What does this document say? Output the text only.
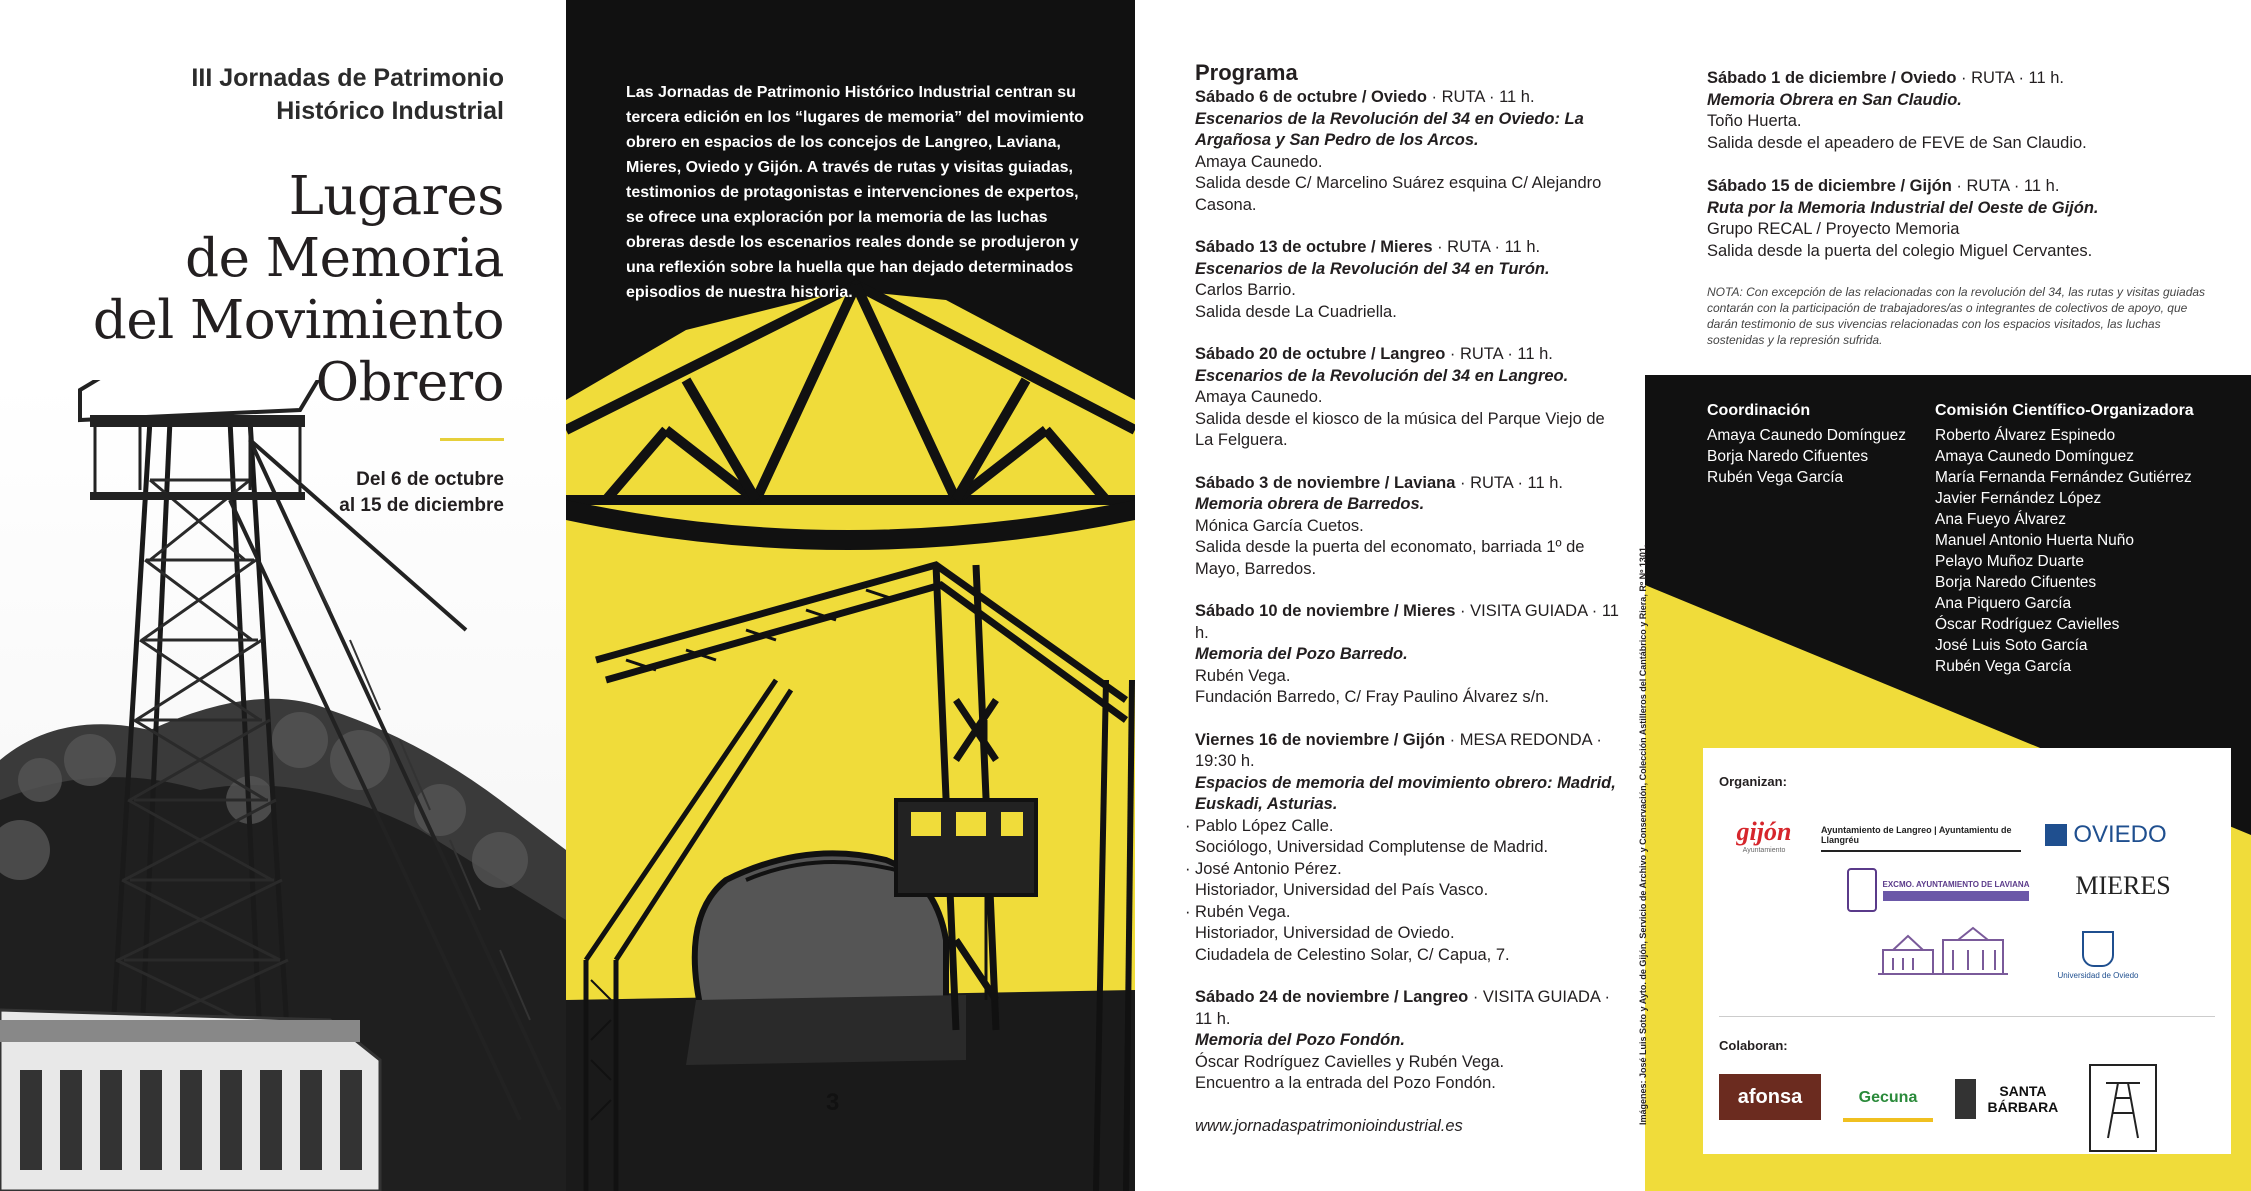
III Jornadas de Patrimonio
Histórico Industrial
Lugares
de Memoria
del Movimiento
Obrero
Del 6 de octubre
al 15 de diciembre
3

Las Jornadas de Patrimonio Histórico Industrial centran su tercera edición en los “lugares de memoria” del movimiento obrero en espacios de los concejos de Langreo, Laviana, Mieres, Oviedo y Gijón. A través de rutas y visitas guiadas, testimonios de protagonistas e intervenciones de expertos, se ofrece una exploración por la memoria de las luchas obreras desde los escenarios reales donde se produjeron y una reflexión sobre la huella que han dejado determinados episodios de nuestra historia.

Programa
Sábado 6 de octubre / Oviedo · RUTA · 11 h.
Escenarios de la Revolución del 34 en Oviedo: La Argañosa y San Pedro de los Arcos.
Amaya Caunedo.
Salida desde C/ Marcelino Suárez esquina C/ Alejandro Casona.
Sábado 13 de octubre / Mieres · RUTA · 11 h.
Escenarios de la Revolución del 34 en Turón.
Carlos Barrio.
Salida desde La Cuadriella.
Sábado 20 de octubre / Langreo · RUTA · 11 h.
Escenarios de la Revolución del 34 en Langreo.
Amaya Caunedo.
Salida desde el kiosco de la música del Parque Viejo de La Felguera.
Sábado 3 de noviembre / Laviana · RUTA · 11 h.
Memoria obrera de Barredos.
Mónica García Cuetos.
Salida desde la puerta del economato, barriada 1º de Mayo, Barredos.
Sábado 10 de noviembre / Mieres · VISITA GUIADA · 11 h.
Memoria del Pozo Barredo.
Rubén Vega.
Fundación Barredo, C/ Fray Paulino Álvarez s/n.
Viernes 16 de noviembre / Gijón · MESA REDONDA · 19:30 h.
Espacios de memoria del movimiento obrero: Madrid, Euskadi, Asturias.
· Pablo López Calle.
Sociólogo, Universidad Complutense de Madrid.
· José Antonio Pérez.
Historiador, Universidad del País Vasco.
· Rubén Vega.
Historiador, Universidad de Oviedo.
Ciudadela de Celestino Solar, C/ Capua, 7.
Sábado 24 de noviembre / Langreo · VISITA GUIADA · 11 h.
Memoria del Pozo Fondón.
Óscar Rodríguez Cavielles y Rubén Vega.
Encuentro a la entrada del Pozo Fondón.
www.jornadaspatrimonioindustrial.es
Sábado 1 de diciembre / Oviedo · RUTA · 11 h.
Memoria Obrera en San Claudio.
Toño Huerta.
Salida desde el apeadero de FEVE de San Claudio.
Sábado 15 de diciembre / Gijón · RUTA · 11 h.
Ruta por la Memoria Industrial del Oeste de Gijón.
Grupo RECAL / Proyecto Memoria
Salida desde la puerta del colegio Miguel Cervantes.
NOTA: Con excepción de las relacionadas con la revolución del 34, las rutas y visitas guiadas contarán con la participación de trabajadores/as o integrantes de colectivos de apoyo, que darán testimonio de sus vivencias relacionadas con los espacios visitados, las luchas sostenidas y la represión sufrida.
Coordinación
Amaya Caunedo Domínguez
Borja Naredo Cifuentes
Rubén Vega García
Comisión Científico-Organizadora
Roberto Álvarez Espinedo
Amaya Caunedo Domínguez
María Fernanda Fernández Gutiérrez
Javier Fernández López
Ana Fueyo Álvarez
Manuel Antonio Huerta Nuño
Pelayo Muñoz Duarte
Borja Naredo Cifuentes
Ana Piquero García
Óscar Rodríguez Cavielles
José Luis Soto García
Rubén Vega García
Organizan:
gijón
Ayuntamiento
Ayuntamiento de Langreo | Ayuntamientu de Llangréu	OVIEDO
EXCMO. AYUNTAMIENTO DE LAVIANA MIERES
Universidad de Oviedo
Colaboran:
afonsa	Gecuna	SANTA BÁRBARA
Imágenes: José Luis Soto y Ayto. de Gijón, Servicio de Archivo y Conservación, Colección Astilleros del Cantábrico y Riera, Rº Nº 1301.
